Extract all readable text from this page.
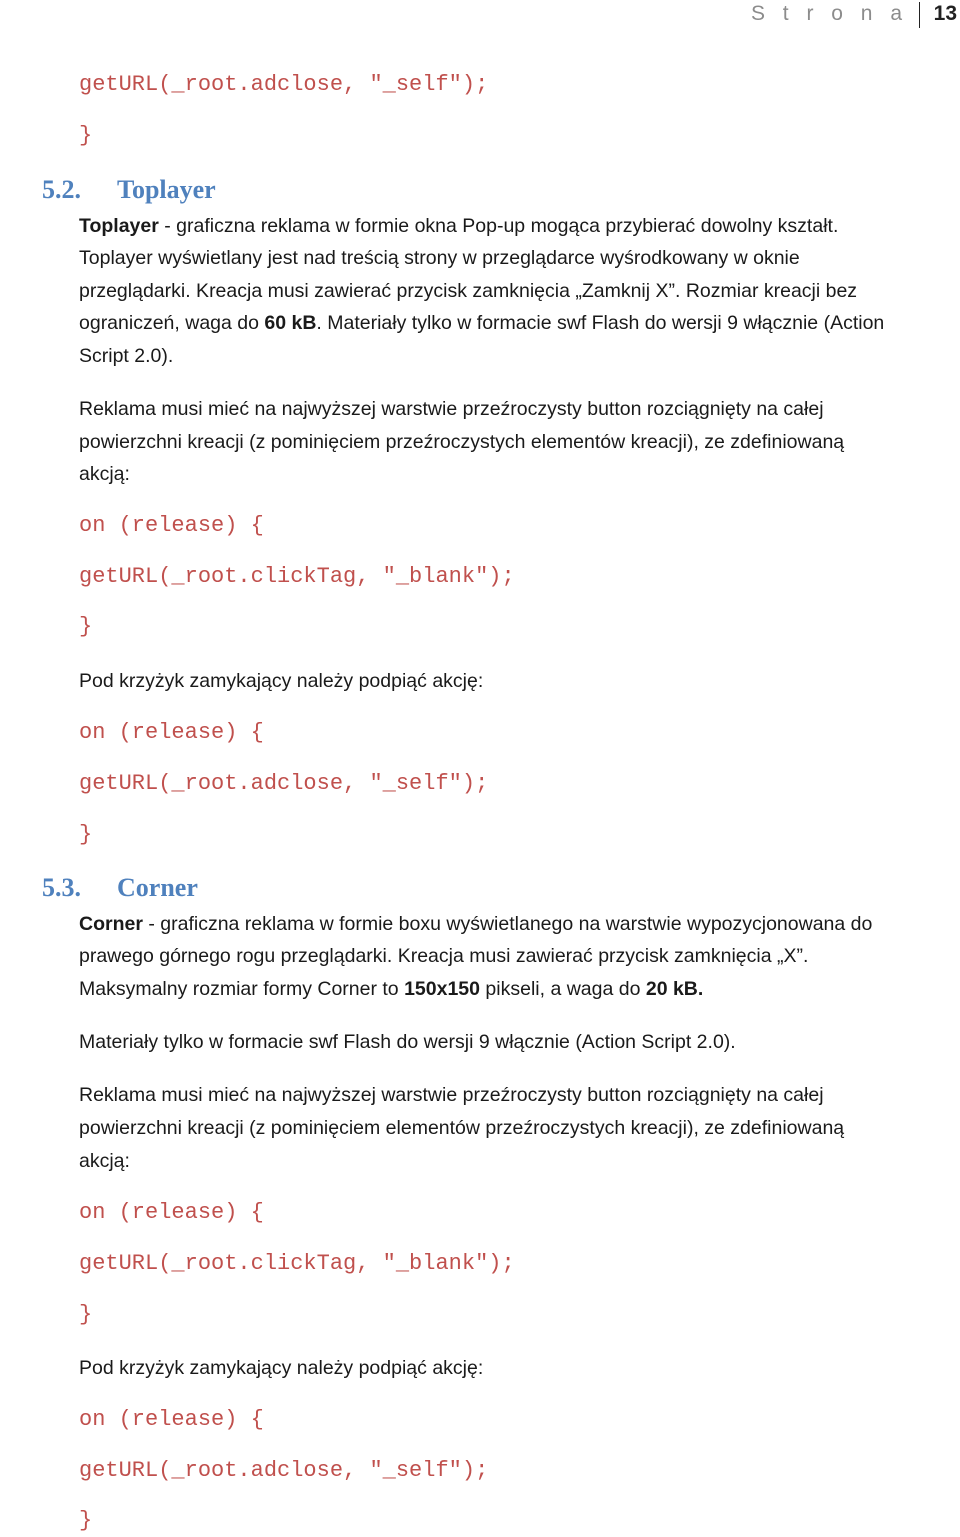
S t r o n a 13
getURL(_root.adclose, "_self");
}
5.2. Toplayer
Toplayer - graficzna reklama w formie okna Pop-up mogąca przybierać dowolny kształt.
Toplayer wyświetlany jest nad treścią strony w przeglądarce wyśrodkowany w oknie
przeglądarki. Kreacja musi zawierać przycisk zamknięcia „Zamknij X”. Rozmiar kreacji bez
ograniczeń, waga do 60 kB. Materiały tylko w formacie swf Flash do wersji 9 włącznie (Action
Script 2.0).
Reklama musi mieć na najwyższej warstwie przeźroczysty button rozciągnięty na całej
powierzchni kreacji (z pominięciem przeźroczystych elementów kreacji), ze zdefiniowaną
akcją:
on (release) {
getURL(_root.clickTag, "_blank");
}
Pod krzyżyk zamykający należy podpiąć akcję:
on (release) {
getURL(_root.adclose, "_self");
}
5.3. Corner
Corner - graficzna reklama w formie boxu wyświetlanego na warstwie wypozycjonowana do
prawego górnego rogu przeglądarki. Kreacja musi zawierać przycisk zamknięcia „X”.
Maksymalny rozmiar formy Corner to 150x150 pikseli, a waga do 20 kB.
Materiały tylko w formacie swf Flash do wersji 9 włącznie (Action Script 2.0).
Reklama musi mieć na najwyższej warstwie przeźroczysty button rozciągnięty na całej
powierzchni kreacji (z pominięciem elementów przeźroczystych kreacji), ze zdefiniowaną
akcją:
on (release) {
getURL(_root.clickTag, "_blank");
}
Pod krzyżyk zamykający należy podpiąć akcję:
on (release) {
getURL(_root.adclose, "_self");
}
